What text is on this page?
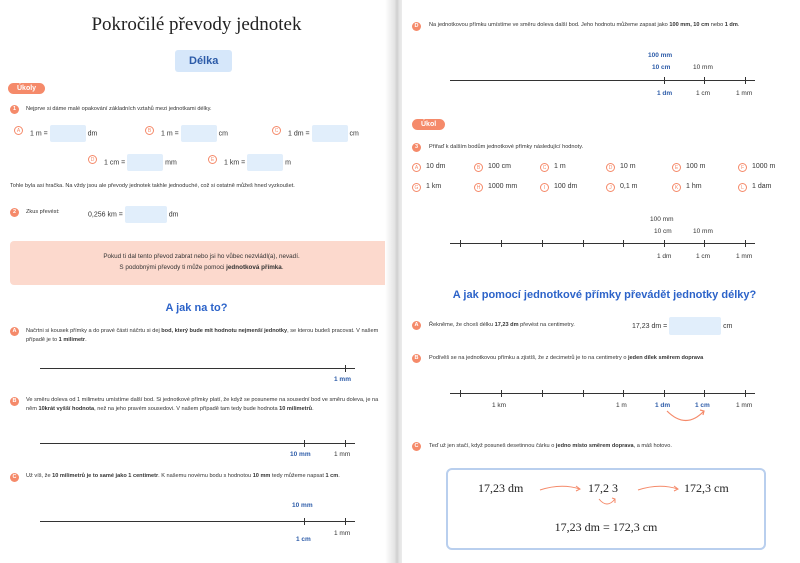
Pokročilé převody jednotek
Délka
Úkoly
1	Nejprve si dáme malé opakování základních vztahů mezi jednotkami délky.
A	1 m =	dm	B	1 m =	cm	C	1 dm =	cm
D	1 cm =	mm	E	1 km =	m
Tohle byla asi hračka. Na vždy jsou ale převody jednotek takhle jednoduché, což si ostatně můžeš hned vyzkoušet.
2	Zkus převést:	0,256 km =	dm
Pokud ti dal tento převod zabrat nebo jsi ho vůbec nezvládl(a), nevadí.
S podobnými převody ti může pomoci jednotková přímka.
A jak na to?
A	Načrtni si kousek přímky a do pravé části náčrtu si dej bod, který bude mít hodnotu nejmenší jednotky, se kterou budeš pracovat. V našem případě je to 1 milimetr.
1 mm
B	Ve směru doleva od 1 milimetru umístíme další bod. Si jednotkové přímky platí, že když se posuneme na sousední bod ve směru doleva, je na něm 10krát vyšší hodnota, než na jeho pravém sousedovi. V našem případě tam tedy bude hodnota 10 milimetrů.
10 mm	1 mm
C	Už víš, že 10 milimetrů je to samé jako 1 centimetr. K našemu novému bodu s hodnotou 10 mm tedy můžeme napsat 1 cm.
10 mm
1 cm
1 mm
D	Na jednotkovou přímku umístíme ve směru doleva další bod. Jeho hodnotu můžeme zapsat jako 100 mm, 10 cm nebo 1 dm.
100 mm
10 cm	10 mm
1 dm	1 cm	1 mm
Úkol
3	Přiřaď k dalším bodům jednotkové přímky následující hodnoty.
A	10 dm	B	100 cm	C	1 m	D	10 m	E	100 m	F	1000 m
G	1 km	H	1000 mm	I	100 dm	J	0,1 m	K	1 hm	L	1 dam
100 mm
10 cm	10 mm
1 dm	1 cm	1 mm
A jak pomocí jednotkové přímky převádět jednotky délky?
A	Řekněme, že chceš délku 17,23 dm převést na centimetry.	17,23 dm =	cm
B	Podívěš se na jednotkovou přímku a zjistíš, že z decimetrů je to na centimetry o jeden dílek směrem doprava
1 km	1 m	1 dm	1 cm	1 mm
C	Teď už jen stačí, když posuneš desetinnou čárku o jedno místo směrem doprava, a máš hotovo.
17,23 dm	17,2 3	172,3 cm
17,23 dm = 172,3 cm
